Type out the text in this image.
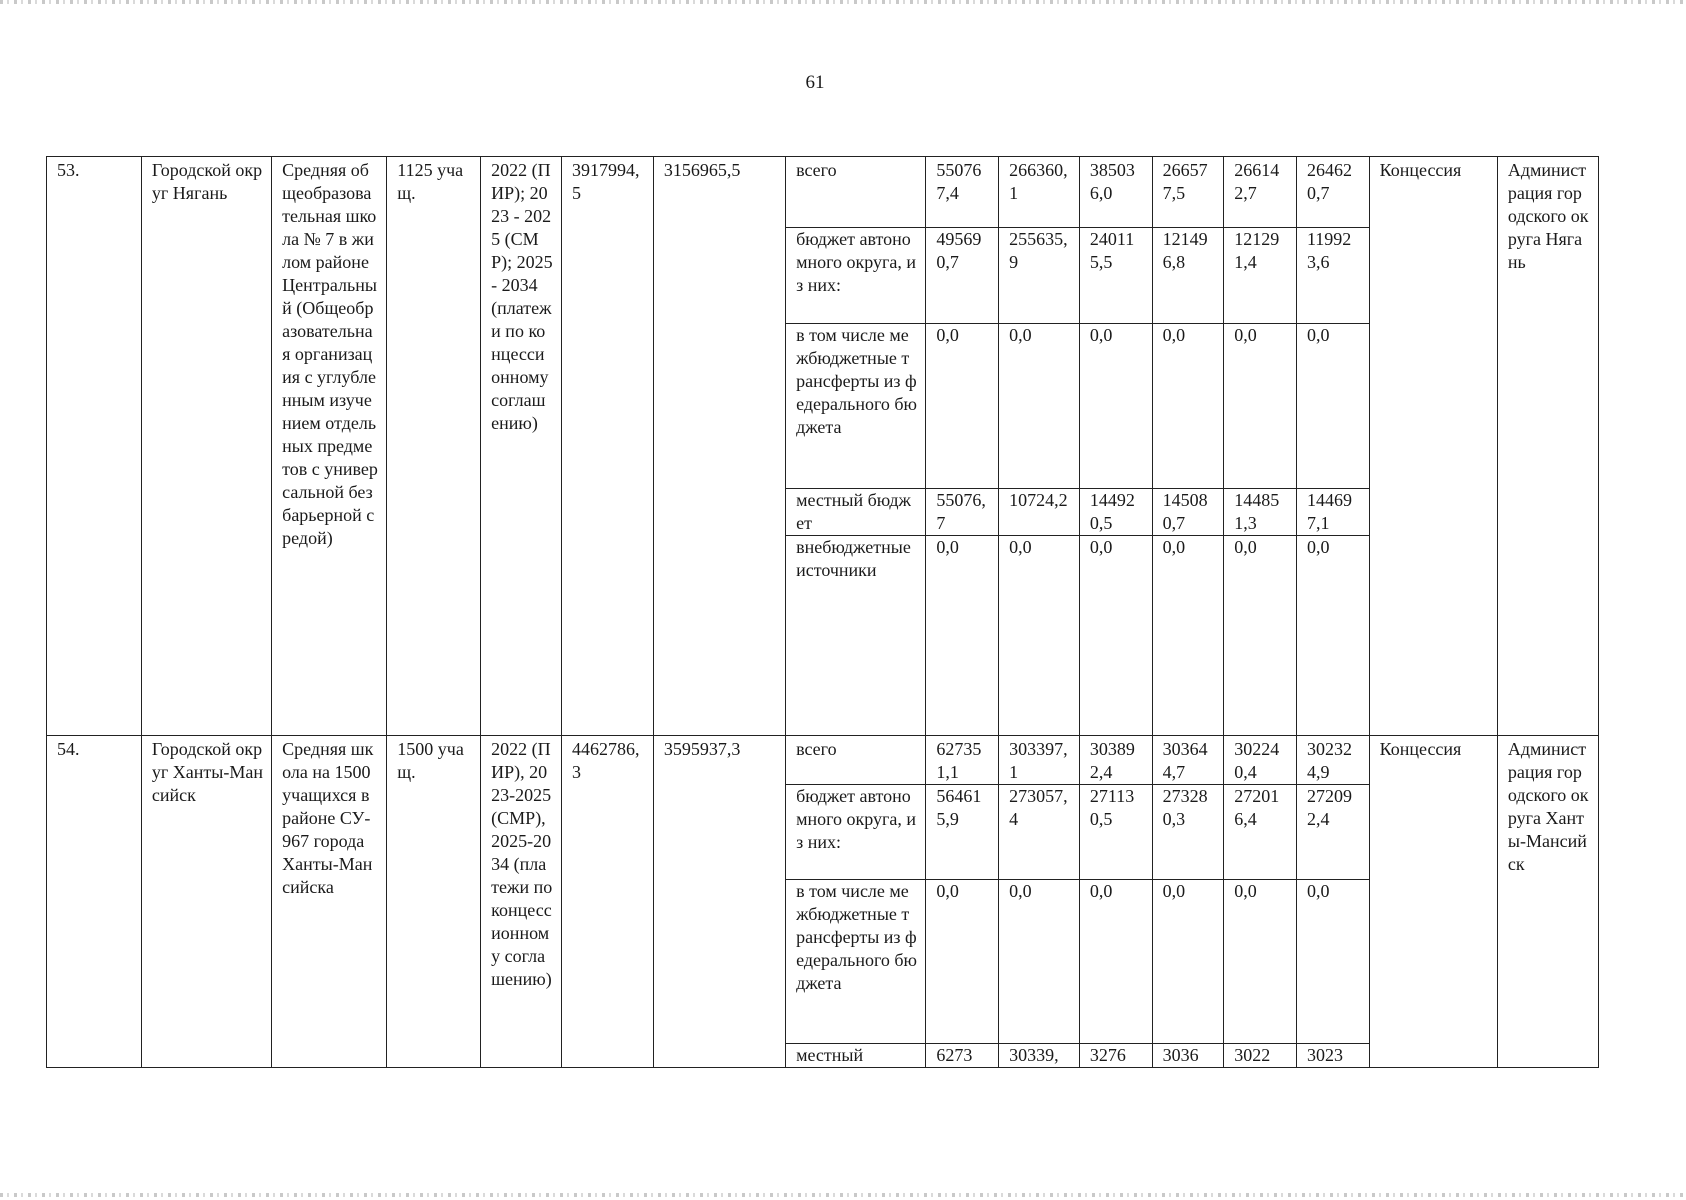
61
53.	Городской округ Нягань	Средняя общеобразовательная школа № 7 в жилом районе Центральный (Общеобразовательная организация с углубленным изучением отдельных предметов с универсальной безбарьерной средой)	1125 учащ.	2022 (ПИР); 2023 - 2025 (СМР); 2025 - 2034 (платежи по концессионному соглашению)	3917994,5	3156965,5	всего	550767,4	266360,1	385036,0	266577,5	266142,7	264620,7	Концессия	Администрация городского округа Нягань
							бюджет автономного округа, из них:	495690,7	255635,9	240115,5	121496,8	121291,4	119923,6		
							в том числе межбюджетные трансферты из федерального бюджета	0,0	0,0	0,0	0,0	0,0	0,0		
							местный бюджет	55076,7	10724,2	144920,5	145080,7	144851,3	144697,1		
							внебюджетные источники	0,0	0,0	0,0	0,0	0,0	0,0		
54.	Городской округ Ханты-Мансийск	Средняя школа на 1500 учащихся в районе СУ-967 города Ханты-Мансийска	1500 учащ.	2022 (ПИР), 2023-2025 (СМР), 2025-2034 (платежи по концессионному соглашению)	4462786,3	3595937,3	всего	627351,1	303397,1	303892,4	303644,7	302240,4	302324,9	Концессия	Администрация городского округа Ханты-Мансийск
							бюджет автономного округа, из них:	564615,9	273057,4	271130,5	273280,3	272016,4	272092,4		
							в том числе межбюджетные трансферты из федерального бюджета	0,0	0,0	0,0	0,0	0,0	0,0		

							местный	6273	30339,	3276	3036	3022	3023		
